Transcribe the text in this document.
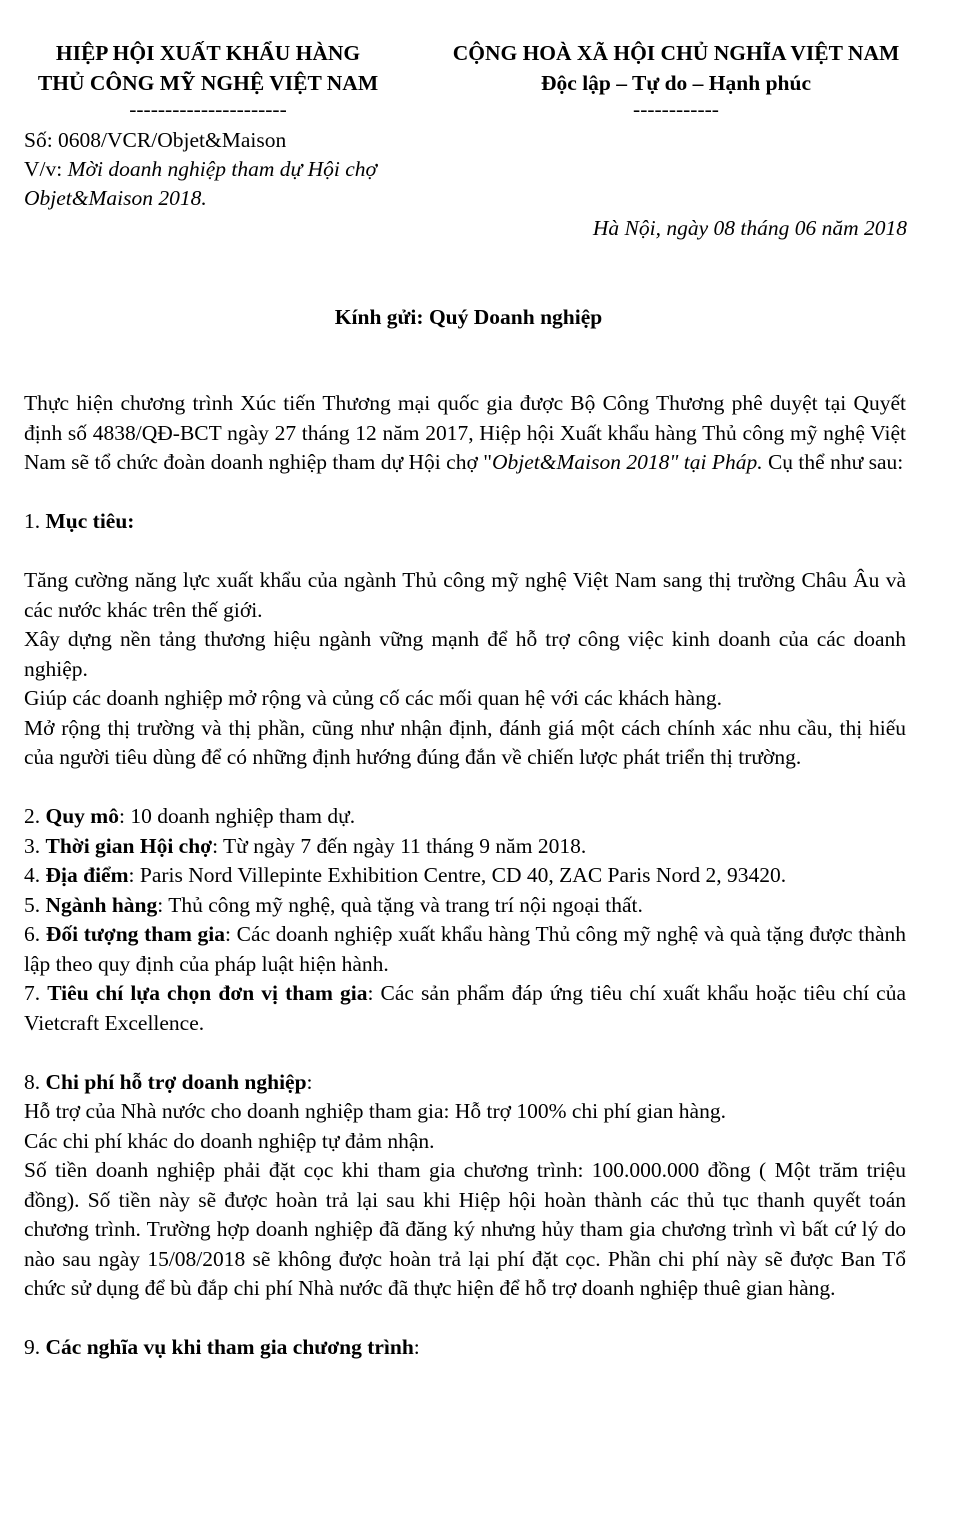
HIỆP HỘI XUẤT KHẨU HÀNG
THỦ CÔNG MỸ NGHỆ VIỆT NAM
----------------------
CỘNG HOÀ XÃ HỘI CHỦ NGHĨA VIỆT NAM
Độc lập – Tự do – Hạnh phúc
------------
Số: 0608/VCR/Objet&Maison
V/v: Mời doanh nghiệp tham dự Hội chợ
Objet&Maison 2018.
Hà Nội, ngày 08 tháng 06 năm 2018
Kính gửi: Quý Doanh nghiệp

Thực hiện chương trình Xúc tiến Thương mại quốc gia được Bộ Công Thương phê duyệt tại Quyết định số 4838/QĐ-BCT ngày 27 tháng 12 năm 2017, Hiệp hội Xuất khẩu hàng Thủ công mỹ nghệ Việt Nam sẽ tổ chức đoàn doanh nghiệp tham dự Hội chợ "Objet&Maison 2018" tại Pháp. Cụ thể như sau:

1. Mục tiêu:

Tăng cường năng lực xuất khẩu của ngành Thủ công mỹ nghệ Việt Nam sang thị trường Châu Âu và các nước khác trên thế giới.

Xây dựng nền tảng thương hiệu ngành vững mạnh để hỗ trợ công việc kinh doanh của các doanh nghiệp.

Giúp các doanh nghiệp mở rộng và củng cố các mối quan hệ với các khách hàng.

Mở rộng thị trường và thị phần, cũng như nhận định, đánh giá một cách chính xác nhu cầu, thị hiếu của người tiêu dùng để có những định hướng đúng đắn về chiến lược phát triển thị trường.

2. Quy mô: 10 doanh nghiệp tham dự.

3. Thời gian Hội chợ: Từ ngày 7 đến ngày 11 tháng 9 năm 2018.

4. Địa điểm: Paris Nord Villepinte Exhibition Centre, CD 40, ZAC Paris Nord 2, 93420.

5. Ngành hàng: Thủ công mỹ nghệ, quà tặng và trang trí nội ngoại thất.

6. Đối tượng tham gia: Các doanh nghiệp xuất khẩu hàng Thủ công mỹ nghệ và quà tặng được thành lập theo quy định của pháp luật hiện hành.

7. Tiêu chí lựa chọn đơn vị tham gia: Các sản phẩm đáp ứng tiêu chí xuất khẩu hoặc tiêu chí của Vietcraft Excellence.

8. Chi phí hỗ trợ doanh nghiệp:

Hỗ trợ của Nhà nước cho doanh nghiệp tham gia: Hỗ trợ 100% chi phí gian hàng.

Các chi phí khác do doanh nghiệp tự đảm nhận.

Số tiền doanh nghiệp phải đặt cọc khi tham gia chương trình: 100.000.000 đồng ( Một trăm triệu đồng). Số tiền này sẽ được hoàn trả lại sau khi Hiệp hội hoàn thành các thủ tục thanh quyết toán chương trình. Trường hợp doanh nghiệp đã đăng ký nhưng hủy tham gia chương trình vì bất cứ lý do nào sau ngày 15/08/2018 sẽ không được hoàn trả lại phí đặt cọc. Phần chi phí này sẽ được Ban Tổ chức sử dụng để bù đắp chi phí Nhà nước đã thực hiện để hỗ trợ doanh nghiệp thuê gian hàng.

9. Các nghĩa vụ khi tham gia chương trình:
